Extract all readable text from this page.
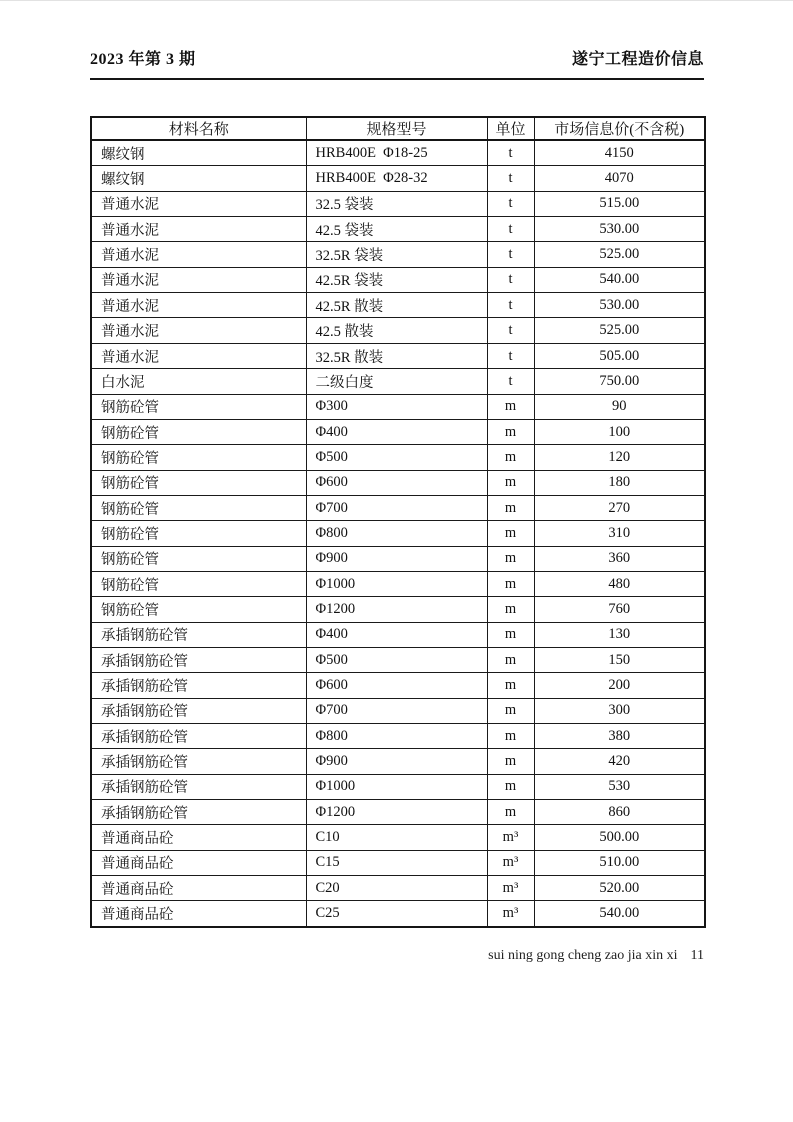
2023 年第 3 期	遂宁工程造价信息
材料名称	规格型号	单位	市场信息价(不含税)
螺纹钢	HRB400E  Φ18-25	t	4150
螺纹钢	HRB400E  Φ28-32	t	4070
普通水泥	32.5 袋装	t	515.00
普通水泥	42.5 袋装	t	530.00
普通水泥	32.5R 袋装	t	525.00
普通水泥	42.5R 袋装	t	540.00
普通水泥	42.5R 散装	t	530.00
普通水泥	42.5 散装	t	525.00
普通水泥	32.5R 散装	t	505.00
白水泥	二级白度	t	750.00
钢筋砼管	Φ300	m	90
钢筋砼管	Φ400	m	100
钢筋砼管	Φ500	m	120
钢筋砼管	Φ600	m	180
钢筋砼管	Φ700	m	270
钢筋砼管	Φ800	m	310
钢筋砼管	Φ900	m	360
钢筋砼管	Φ1000	m	480
钢筋砼管	Φ1200	m	760
承插钢筋砼管	Φ400	m	130
承插钢筋砼管	Φ500	m	150
承插钢筋砼管	Φ600	m	200
承插钢筋砼管	Φ700	m	300
承插钢筋砼管	Φ800	m	380
承插钢筋砼管	Φ900	m	420
承插钢筋砼管	Φ1000	m	530
承插钢筋砼管	Φ1200	m	860
普通商品砼	C10	m³	500.00
普通商品砼	C15	m³	510.00
普通商品砼	C20	m³	520.00
普通商品砼	C25	m³	540.00
sui ning gong cheng zao jia xin xi 11
